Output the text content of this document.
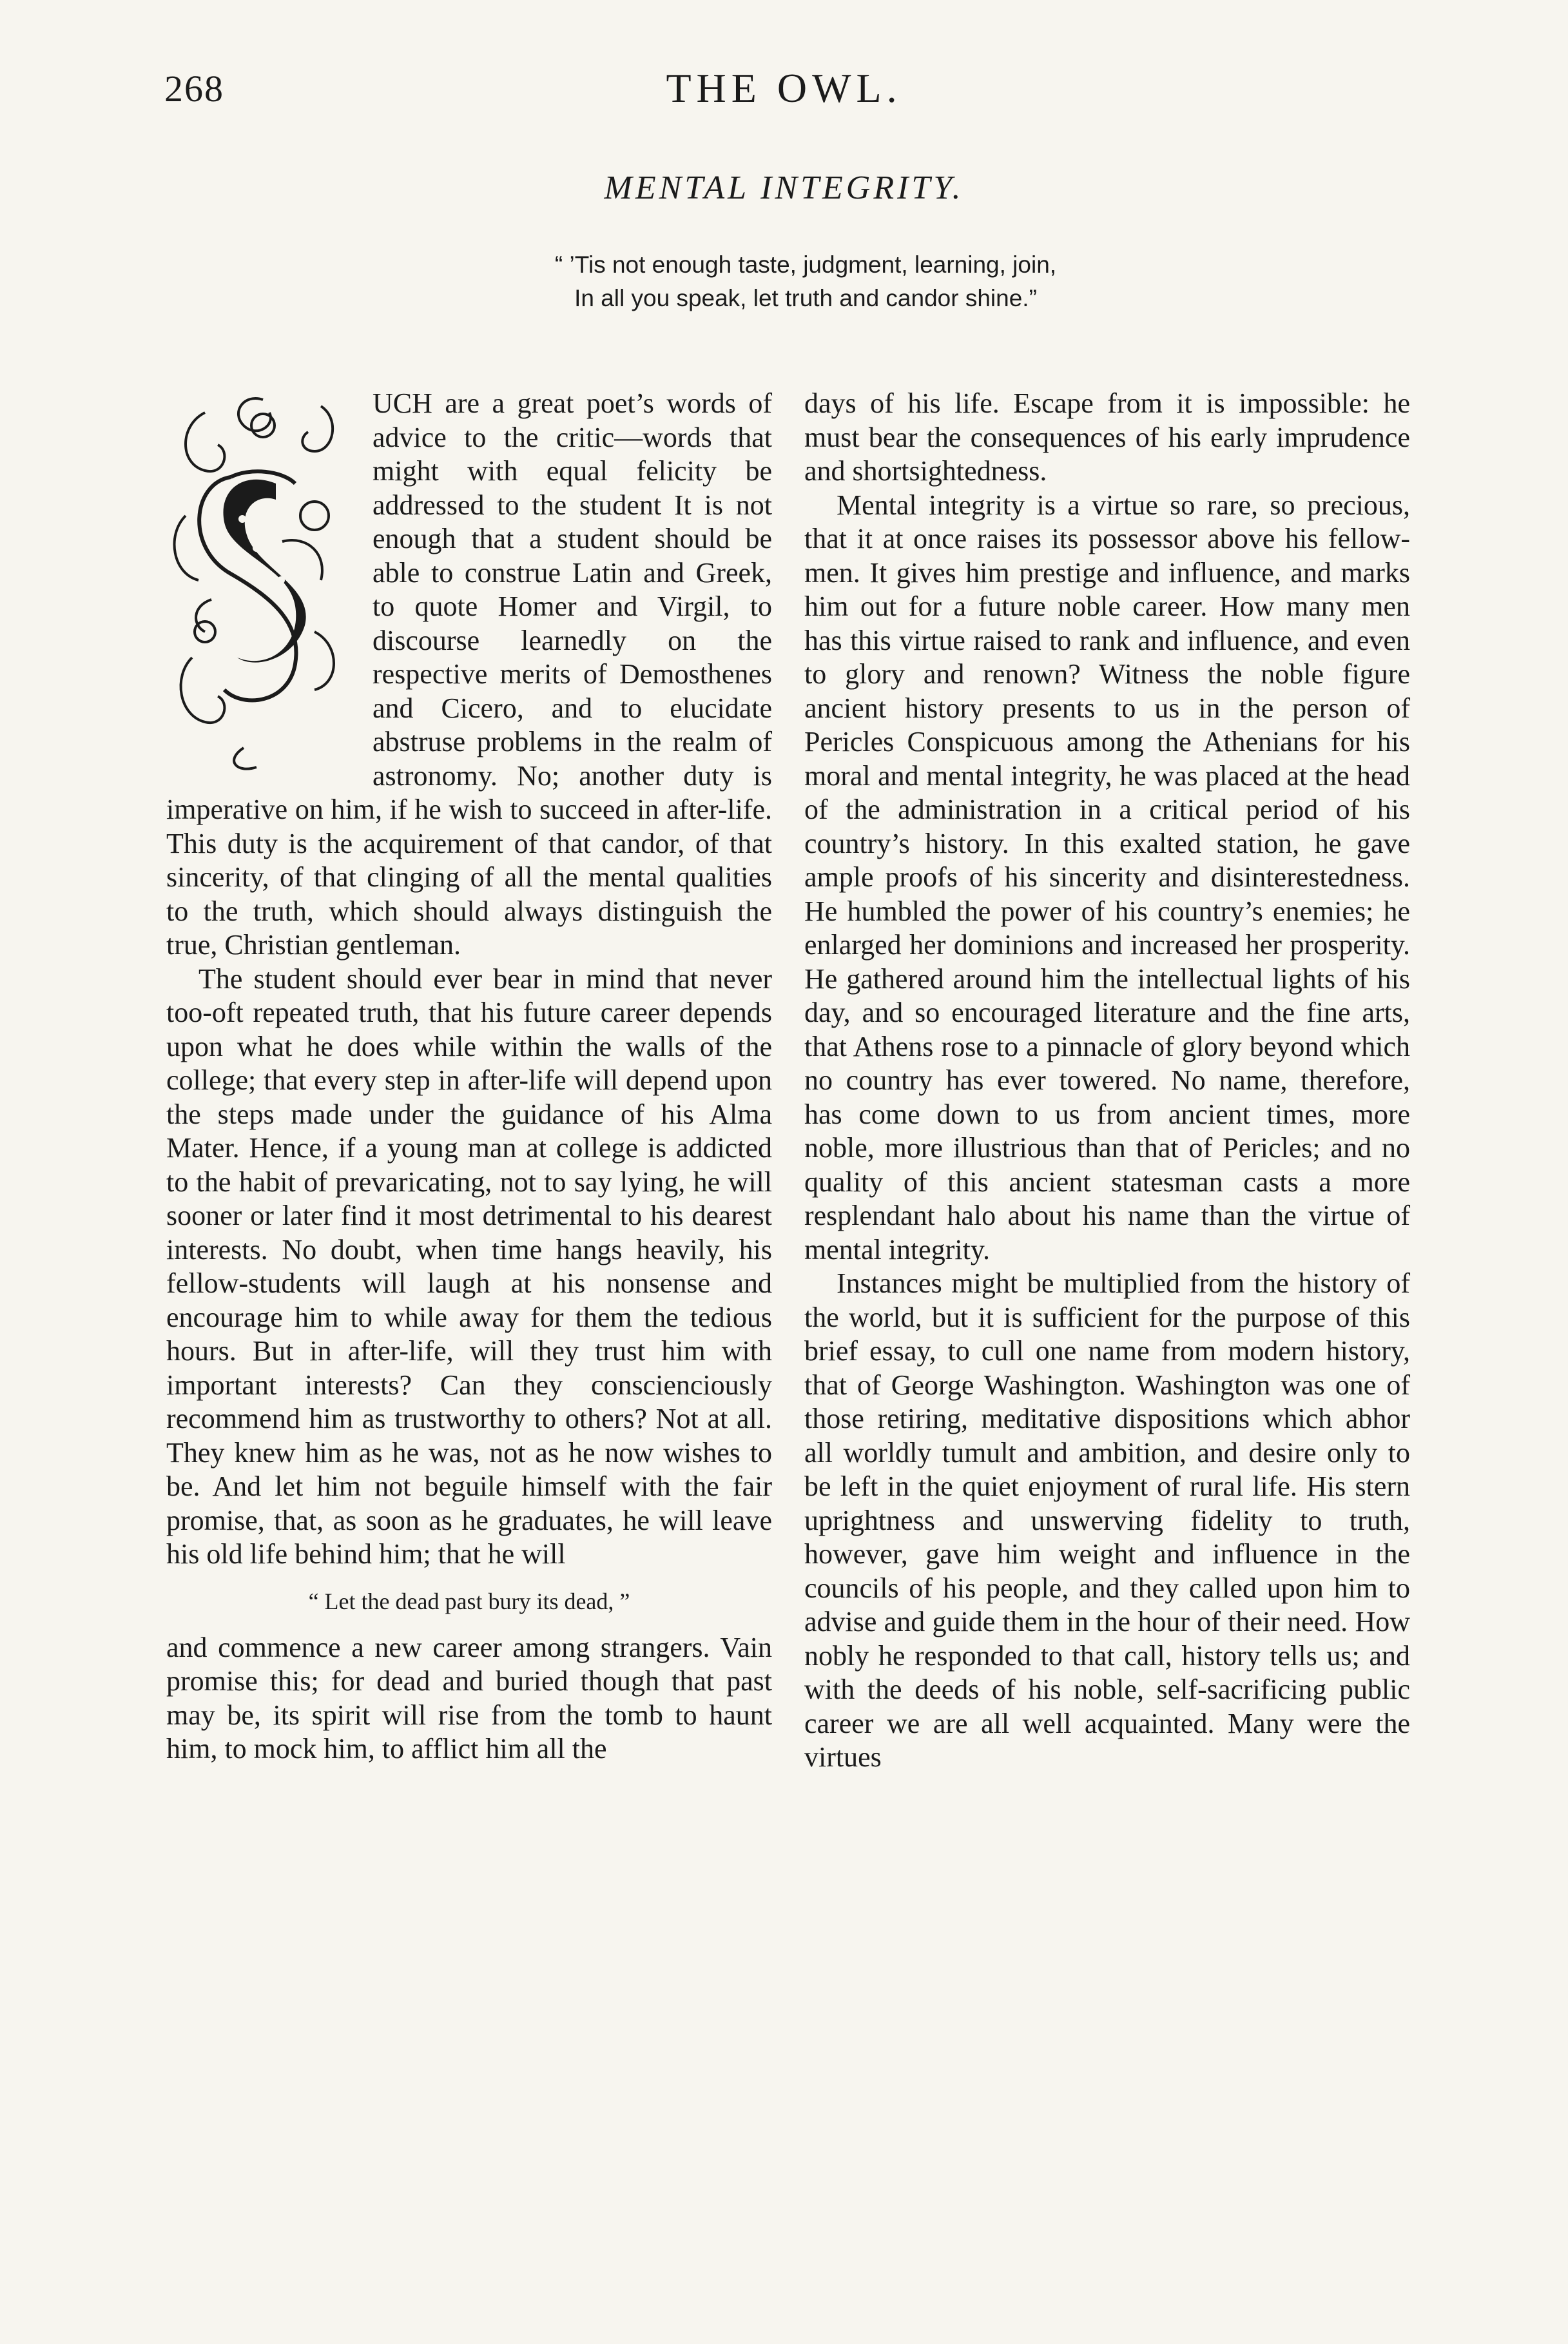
268	THE OWL.
MENTAL INTEGRITY.
“ ’Tis not enough taste, judgment, learning, join,
In all you speak, let truth and candor shine.”

UCH are a great poet’s words of advice to the critic—words that might with equal felicity be addressed to the student It is not enough that a student should be able to construe Latin and Greek, to quote Homer and Virgil, to discourse learnedly on the respective merits of Demosthenes and Cicero, and to elucidate abstruse problems in the realm of astronomy. No; another duty is imperative on him, if he wish to succeed in after-life. This duty is the acquirement of that candor, of that sincerity, of that clinging of all the mental qualities to the truth, which should always distinguish the true, Christian gentleman.

The student should ever bear in mind that never too-oft repeated truth, that his future career depends upon what he does while within the walls of the college; that every step in after-life will depend upon the steps made under the guidance of his Alma Mater. Hence, if a young man at college is addicted to the habit of prevaricating, not to say lying, he will sooner or later find it most detrimental to his dearest interests. No doubt, when time hangs heavily, his fellow-students will laugh at his nonsense and encourage him to while away for them the tedious hours. But in after-life, will they trust him with important interests? Can they conscienciously recommend him as trustworthy to others? Not at all. They knew him as he was, not as he now wishes to be. And let him not beguile himself with the fair promise, that, as soon as he graduates, he will leave his old life behind him; that he will

“ Let the dead past bury its dead, ”

and commence a new career among strangers. Vain promise this; for dead and buried though that past may be, its spirit will rise from the tomb to haunt him, to mock him, to afflict him all the

days of his life. Escape from it is impossible: he must bear the consequences of his early imprudence and shortsightedness.

Mental integrity is a virtue so rare, so precious, that it at once raises its possessor above his fellow-men. It gives him prestige and influence, and marks him out for a future noble career. How many men has this virtue raised to rank and influence, and even to glory and renown? Witness the noble figure ancient history presents to us in the person of Pericles Conspicuous among the Athenians for his moral and mental integrity, he was placed at the head of the administration in a critical period of his country’s history. In this exalted station, he gave ample proofs of his sincerity and disinterestedness. He humbled the power of his country’s enemies; he enlarged her dominions and increased her prosperity. He gathered around him the intellectual lights of his day, and so encouraged literature and the fine arts, that Athens rose to a pinnacle of glory beyond which no country has ever towered. No name, therefore, has come down to us from ancient times, more noble, more illustrious than that of Pericles; and no quality of this ancient statesman casts a more resplendant halo about his name than the virtue of mental integrity.

Instances might be multiplied from the history of the world, but it is sufficient for the purpose of this brief essay, to cull one name from modern history, that of George Washington. Washington was one of those retiring, meditative dispositions which abhor all worldly tumult and ambition, and desire only to be left in the quiet enjoyment of rural life. His stern uprightness and unswerving fidelity to truth, however, gave him weight and influence in the councils of his people, and they called upon him to advise and guide them in the hour of their need. How nobly he responded to that call, history tells us; and with the deeds of his noble, self-sacrificing public career we are all well acquainted. Many were the virtues
